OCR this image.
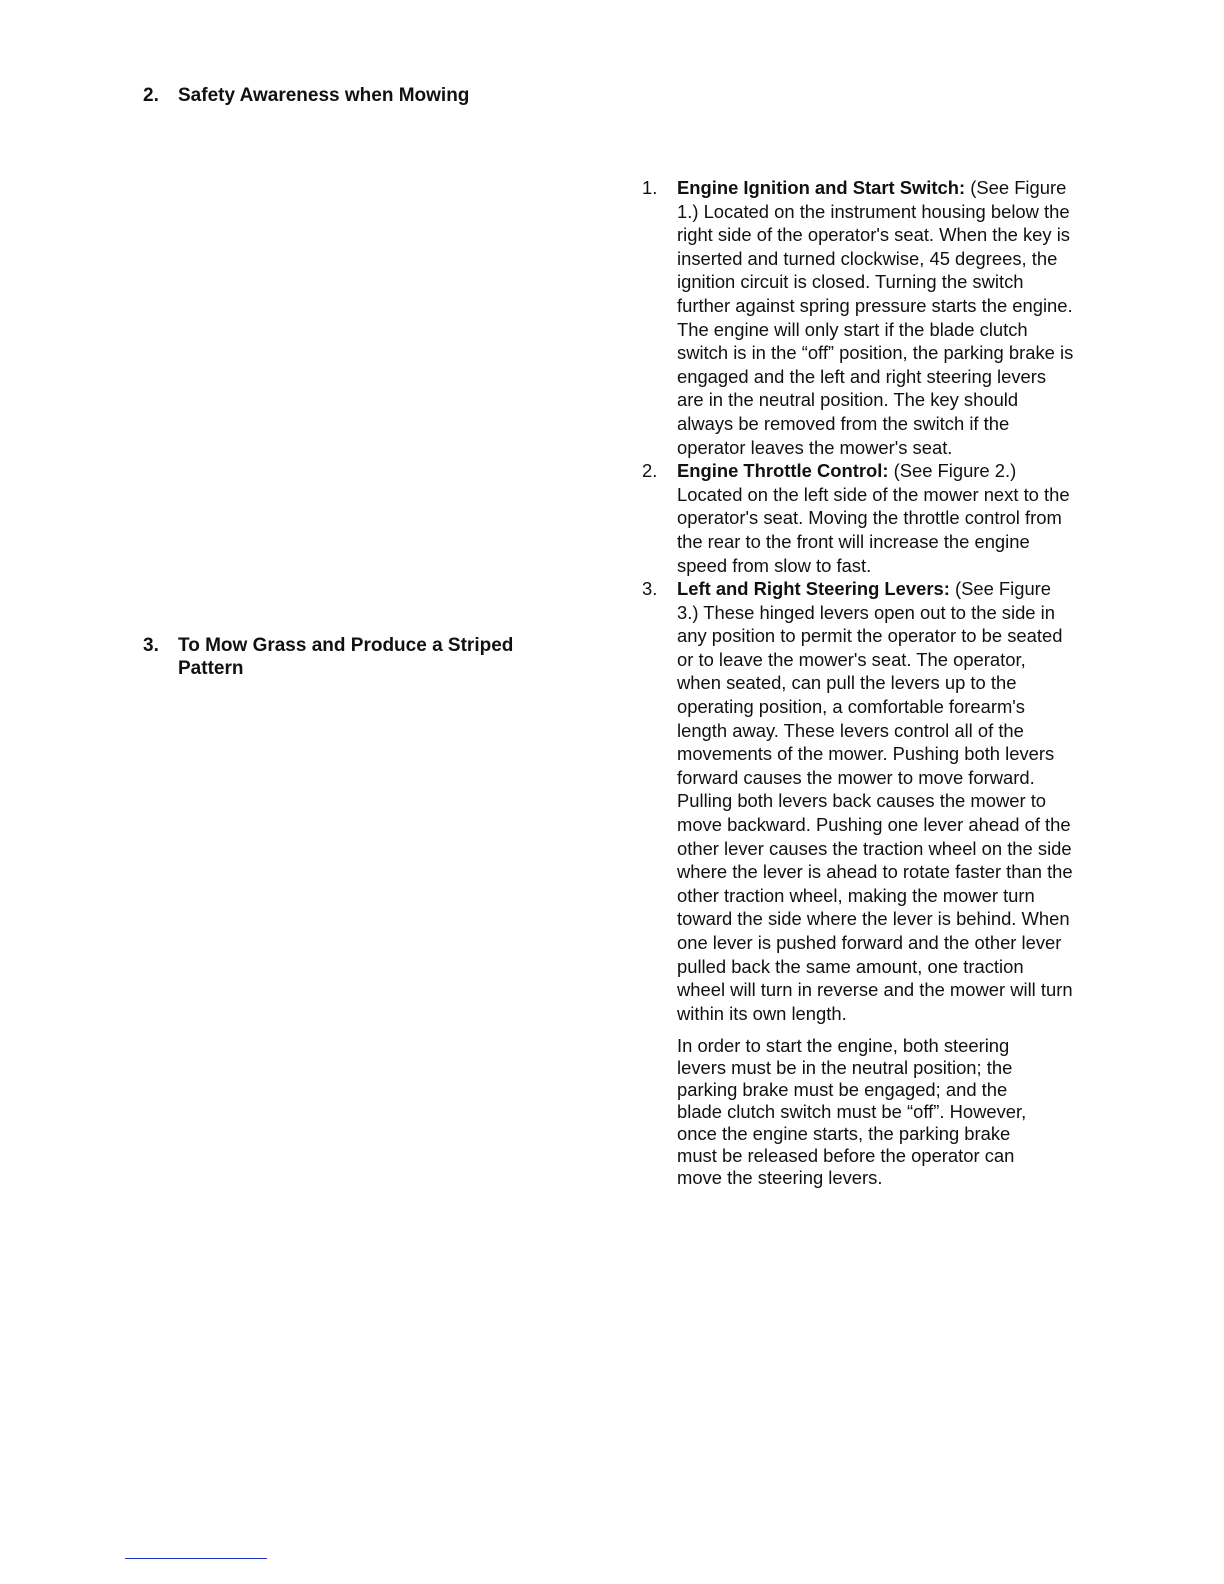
2. Safety Awareness when Mowing
3. To Mow Grass and Produce a Striped Pattern

1. Engine Ignition and Start Switch: (See Figure 1.) Located on the instrument housing below the right side of the operator's seat. When the key is inserted and turned clockwise, 45 degrees, the ignition circuit is closed. Turning the switch further against spring pressure starts the engine. The engine will only start if the blade clutch switch is in the “off” position, the parking brake is engaged and the left and right steering levers are in the neutral position. The key should always be removed from the switch if the operator leaves the mower's seat.

2. Engine Throttle Control: (See Figure 2.) Located on the left side of the mower next to the operator's seat. Moving the throttle control from the rear to the front will increase the engine speed from slow to fast.

3. Left and Right Steering Levers: (See Figure 3.) These hinged levers open out to the side in any position to permit the operator to be seated or to leave the mower's seat. The operator, when seated, can pull the levers up to the operating position, a comfortable forearm's length away. These levers control all of the movements of the mower. Pushing both levers forward causes the mower to move forward. Pulling both levers back causes the mower to move backward. Pushing one lever ahead of the other lever causes the traction wheel on the side where the lever is ahead to rotate faster than the other traction wheel, making the mower turn toward the side where the lever is behind. When one lever is pushed forward and the other lever pulled back the same amount, one traction wheel will turn in reverse and the mower will turn within its own length.

In order to start the engine, both steering levers must be in the neutral position; the parking brake must be engaged; and the blade clutch switch must be “off”. However, once the engine starts, the parking brake must be released before the operator can move the steering levers.
